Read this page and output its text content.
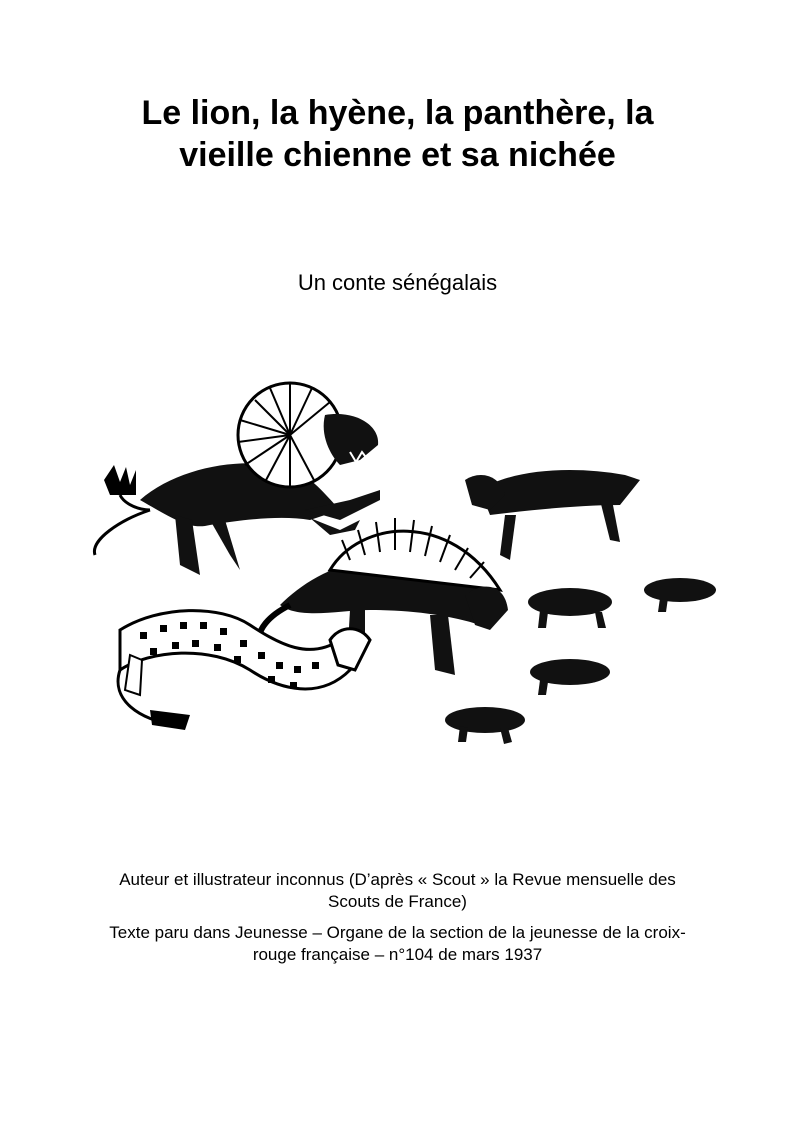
Le lion, la hyène, la panthère, la
vieille chienne et sa nichée

Un conte sénégalais

Auteur et illustrateur inconnus (D’après « Scout » la Revue mensuelle des
Scouts de France)

Texte paru dans Jeunesse – Organe de la section de la jeunesse de la croix-
rouge française – n°104 de mars 1937
